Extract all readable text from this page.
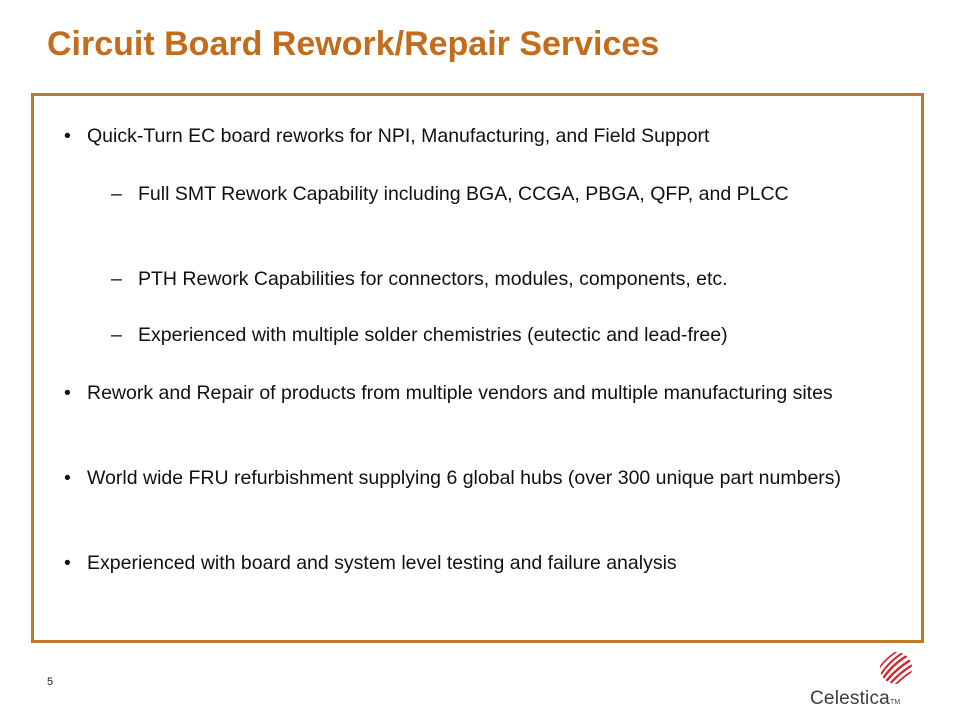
Circuit Board Rework/Repair Services
• Quick-Turn EC board reworks for NPI, Manufacturing, and Field Support
– Full SMT Rework Capability including BGA, CCGA, PBGA, QFP, and PLCC
– PTH Rework Capabilities for connectors, modules, components, etc.
– Experienced with multiple solder chemistries (eutectic and lead-free)
• Rework and Repair of products from multiple vendors and multiple manufacturing sites
• World wide FRU refurbishment supplying 6 global hubs (over 300 unique part numbers)
• Experienced with board and system level testing and failure analysis
5
CelesticaTM
